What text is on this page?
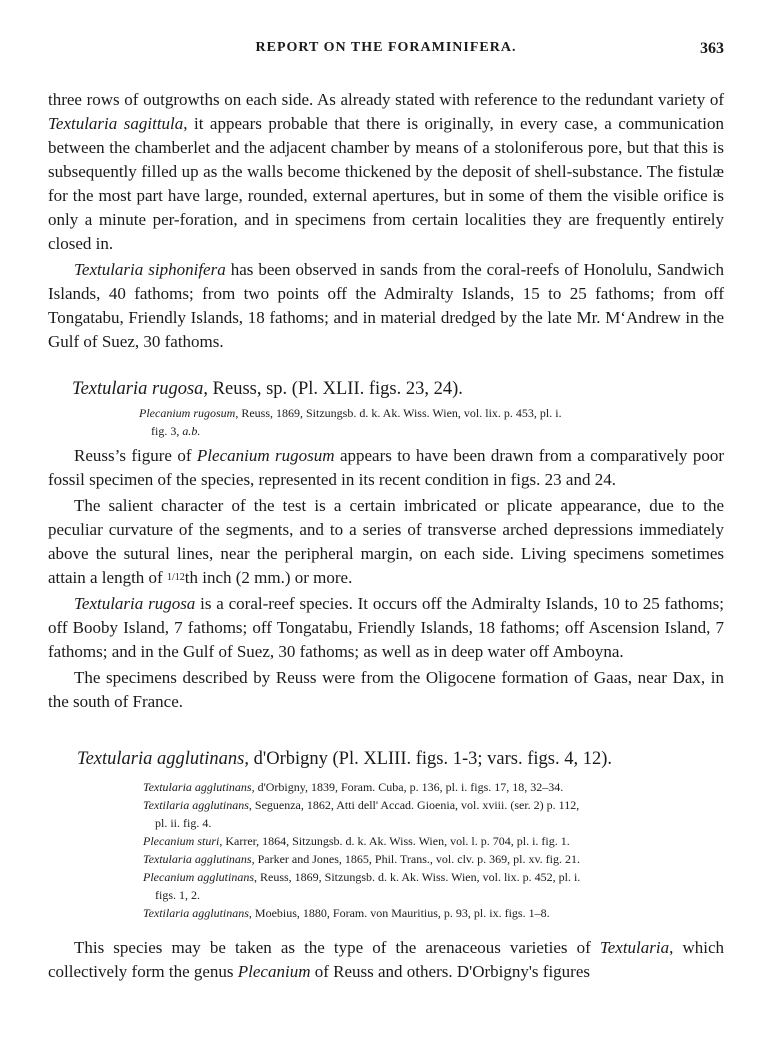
REPORT ON THE FORAMINIFERA.	363

three rows of outgrowths on each side. As already stated with reference to the redundant variety of Textularia sagittula, it appears probable that there is originally, in every case, a communication between the chamberlet and the adjacent chamber by means of a stoloniferous pore, but that this is subsequently filled up as the walls become thickened by the deposit of shell-substance. The fistulæ for the most part have large, rounded, external apertures, but in some of them the visible orifice is only a minute per-foration, and in specimens from certain localities they are frequently entirely closed in.

Textularia siphonifera has been observed in sands from the coral-reefs of Honolulu, Sandwich Islands, 40 fathoms; from two points off the Admiralty Islands, 15 to 25 fathoms; from off Tongatabu, Friendly Islands, 18 fathoms; and in material dredged by the late Mr. M‘Andrew in the Gulf of Suez, 30 fathoms.

Textularia rugosa, Reuss, sp. (Pl. XLII. figs. 23, 24).
Plecanium rugosum, Reuss, 1869, Sitzungsb. d. k. Ak. Wiss. Wien, vol. lix. p. 453, pl. i.
fig. 3, a.b.

Reuss’s figure of Plecanium rugosum appears to have been drawn from a comparatively poor fossil specimen of the species, represented in its recent condition in figs. 23 and 24.

The salient character of the test is a certain imbricated or plicate appearance, due to the peculiar curvature of the segments, and to a series of transverse arched depressions immediately above the sutural lines, near the peripheral margin, on each side. Living specimens sometimes attain a length of 1/12th inch (2 mm.) or more.

Textularia rugosa is a coral-reef species. It occurs off the Admiralty Islands, 10 to 25 fathoms; off Booby Island, 7 fathoms; off Tongatabu, Friendly Islands, 18 fathoms; off Ascension Island, 7 fathoms; and in the Gulf of Suez, 30 fathoms; as well as in deep water off Amboyna.

The specimens described by Reuss were from the Oligocene formation of Gaas, near Dax, in the south of France.

Textularia agglutinans, d'Orbigny (Pl. XLIII. figs. 1-3; vars. figs. 4, 12).
Textularia agglutinans, d'Orbigny, 1839, Foram. Cuba, p. 136, pl. i. figs. 17, 18, 32–34.
Textilaria agglutinans, Seguenza, 1862, Atti dell' Accad. Gioenia, vol. xviii. (ser. 2) p. 112,
pl. ii. fig. 4.
Plecanium sturi, Karrer, 1864, Sitzungsb. d. k. Ak. Wiss. Wien, vol. l. p. 704, pl. i. fig. 1.
Textularia agglutinans, Parker and Jones, 1865, Phil. Trans., vol. clv. p. 369, pl. xv. fig. 21.
Plecanium agglutinans, Reuss, 1869, Sitzungsb. d. k. Ak. Wiss. Wien, vol. lix. p. 452, pl. i.
figs. 1, 2.
Textilaria agglutinans, Moebius, 1880, Foram. von Mauritius, p. 93, pl. ix. figs. 1–8.

This species may be taken as the type of the arenaceous varieties of Textularia, which collectively form the genus Plecanium of Reuss and others. D'Orbigny's figures
